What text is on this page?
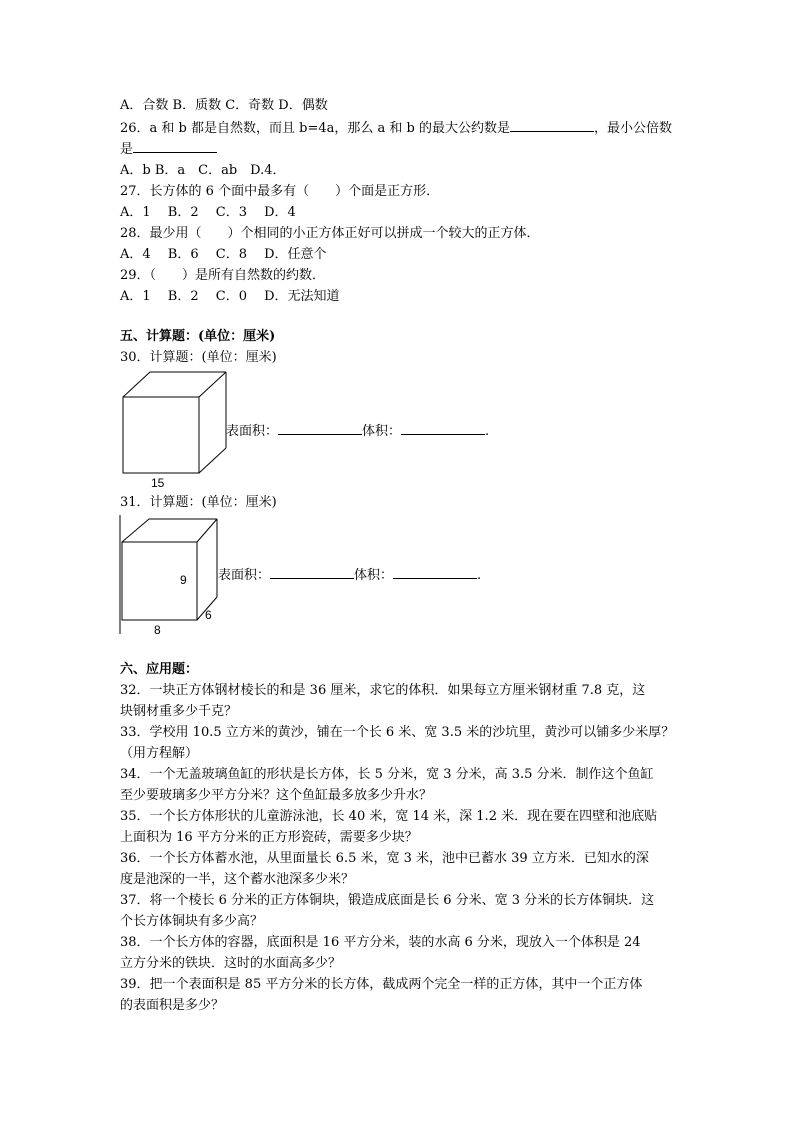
A．合数 B．质数 C．奇数 D．偶数
26．a 和 b 都是自然数，而且 b=4a，那么 a 和 b 的最大公约数是	，最小公倍数
是
A．b B．a　C．ab　D.4．
27．长方体的 6 个面中最多有（　　）个面是正方形．
A．1　 B．2　 C．3　 D．4
28．最少用（　　）个相同的小正方体正好可以拼成一个较大的正方体．
A．4　 B．6　 C．8　 D．任意个
29．（　　）是所有自然数的约数．
A．1　 B．2　 C．0　 D．无法知道
五、计算题：(单位：厘米)
30．计算题：(单位：厘米)
15
表面积：	体积：	.
31．计算题：(单位：厘米)
8
6
9 表面积：	体积：	.
六、应用题：
32．一块正方体钢材棱长的和是 36 厘米，求它的体积．如果每立方厘米钢材重 7.8 克，这
块钢材重多少千克？
33．学校用 10.5 立方米的黄沙，铺在一个长 6 米、宽 3.5 米的沙坑里，黄沙可以铺多少米厚？
（用方程解）
34．一个无盖玻璃鱼缸的形状是长方体，长 5 分米，宽 3 分米，高 3.5 分米．制作这个鱼缸
至少要玻璃多少平方分米？这个鱼缸最多放多少升水？
35．一个长方体形状的儿童游泳池，长 40 米，宽 14 米，深 1.2 米．现在要在四壁和池底贴
上面积为 16 平方分米的正方形瓷砖，需要多少块？
36．一个长方体蓄水池，从里面量长 6.5 米，宽 3 米，池中已蓄水 39 立方米．已知水的深
度是池深的一半，这个蓄水池深多少米？
37．将一个棱长 6 分米的正方体铜块，锻造成底面是长 6 分米、宽 3 分米的长方体铜块．这
个长方体铜块有多少高？
38．一个长方体的容器，底面积是 16 平方分米，装的水高 6 分米，现放入一个体积是 24
立方分米的铁块．这时的水面高多少？
39．把一个表面积是 85 平方分米的长方体，截成两个完全一样的正方体，其中一个正方体
的表面积是多少？
